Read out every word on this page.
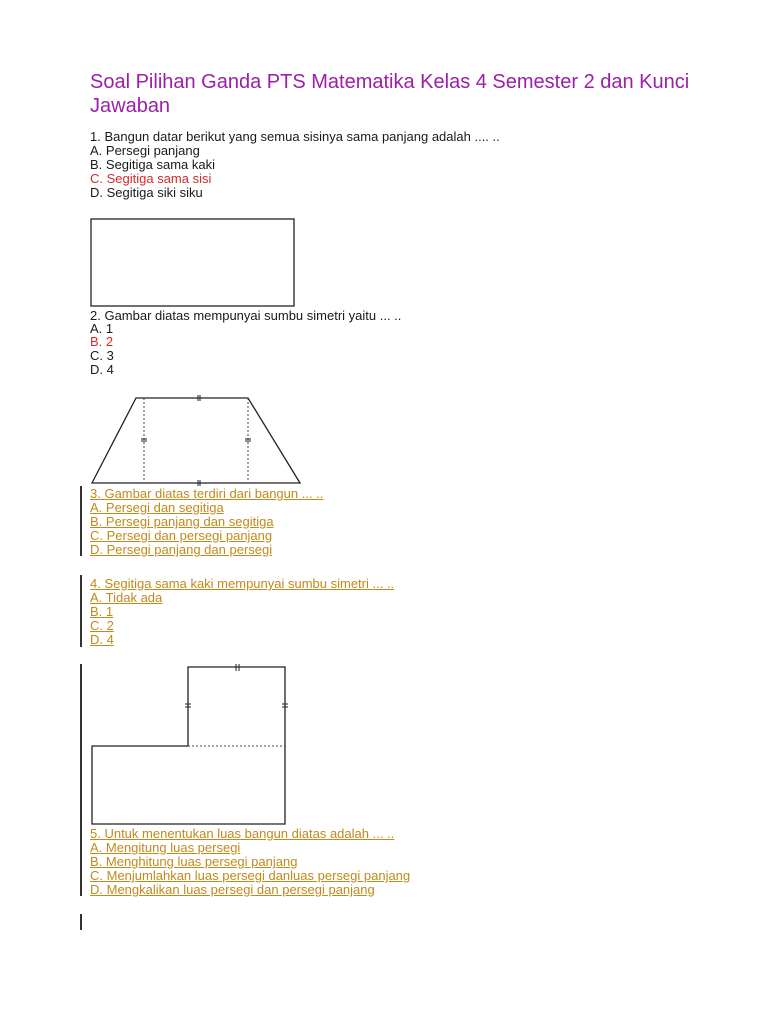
Soal Pilihan Ganda PTS Matematika Kelas 4 Semester 2 dan Kunci Jawaban
1. Bangun datar berikut yang semua sisinya sama panjang adalah .... ..
A. Persegi panjang
B. Segitiga sama kaki
C. Segitiga sama sisi
D. Segitiga siki siku
2. Gambar diatas mempunyai sumbu simetri yaitu ... ..
A. 1
B. 2
C. 3
D. 4
3. Gambar diatas terdiri dari bangun ... ..
A. Persegi dan segitiga
B. Persegi panjang dan segitiga
C. Persegi dan persegi panjang
D. Persegi panjang dan persegi
4. Segitiga sama kaki mempunyai sumbu simetri ... ..
A. Tidak ada
B. 1
C. 2
D. 4
5. Untuk menentukan luas bangun diatas adalah ... ..
A. Mengitung luas persegi
B. Menghitung luas persegi panjang
C. Menjumlahkan luas persegi danluas persegi panjang
D. Mengkalikan luas persegi dan persegi panjang
